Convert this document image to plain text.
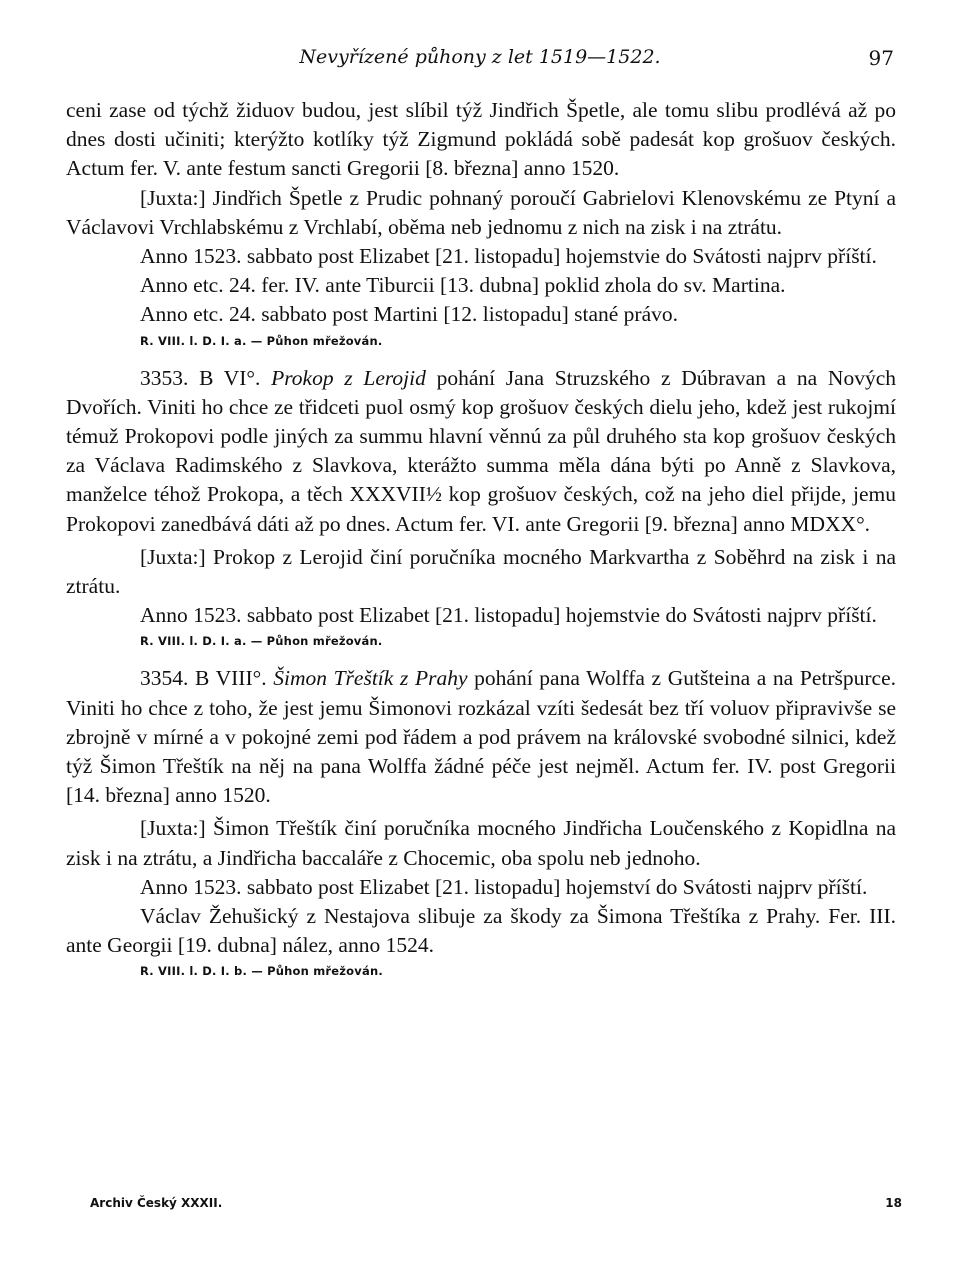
Nevyřízené půhony z let 1519—1522.	97

ceni zase od týchž židuov budou, jest slíbil týž Jindřich Špetle, ale tomu slibu prodlévá až po dnes dosti učiniti; kterýžto kotlíky týž Zigmund pokládá sobě padesát kop grošuov českých. Actum fer. V. ante festum sancti Gregorii [8. března] anno 1520.

[Juxta:] Jindřich Špetle z Prudic pohnaný poroučí Gabrielovi Klenovskému ze Ptyní a Václavovi Vrchlabskému z Vrchlabí, oběma neb jednomu z nich na zisk i na ztrátu.

Anno 1523. sabbato post Elizabet [21. listopadu] hojemstvie do Svátosti najprv příští.

Anno etc. 24. fer. IV. ante Tiburcii [13. dubna] poklid zhola do sv. Martina.

Anno etc. 24. sabbato post Martini [12. listopadu] stané právo.

R. VIII. l. D. I. a. — Půhon mřežován.

3353. B VI°. Prokop z Lerojid pohání Jana Struzského z Dúbravan a na Nových Dvořích. Viniti ho chce ze třidceti puol osmý kop grošuov českých dielu jeho, kdež jest rukojmí témuž Prokopovi podle jiných za summu hlavní věnnú za půl druhého sta kop grošuov českých za Václava Radimského z Slavkova, kterážto summa měla dána býti po Anně z Slavkova, manželce téhož Prokopa, a těch XXXVII½ kop grošuov českých, což na jeho diel přijde, jemu Prokopovi zanedbává dáti až po dnes. Actum fer. VI. ante Gregorii [9. března] anno MDXX°.

[Juxta:] Prokop z Lerojid činí poručníka mocného Markvartha z Soběhrd na zisk i na ztrátu.

Anno 1523. sabbato post Elizabet [21. listopadu] hojemstvie do Svátosti najprv příští.

R. VIII. l. D. I. a. — Půhon mřežován.

3354. B VIII°. Šimon Třeštík z Prahy pohání pana Wolffa z Gutšteina a na Petršpurce. Viniti ho chce z toho, že jest jemu Šimonovi rozkázal vzíti šedesát bez tří voluov připravivše se zbrojně v mírné a v pokojné zemi pod řádem a pod právem na královské svobodné silnici, kdež týž Šimon Třeštík na něj na pana Wolffa žádné péče jest nejměl. Actum fer. IV. post Gregorii [14. března] anno 1520.

[Juxta:] Šimon Třeštík činí poručníka mocného Jindřicha Loučenského z Kopidlna na zisk i na ztrátu, a Jindřicha baccaláře z Chocemic, oba spolu neb jednoho.

Anno 1523. sabbato post Elizabet [21. listopadu] hojemství do Svátosti najprv příští.

Václav Žehušický z Nestajova slibuje za škody za Šimona Třeštíka z Prahy. Fer. III. ante Georgii [19. dubna] nález, anno 1524.

R. VIII. l. D. I. b. — Půhon mřežován.

Archiv Český XXXII.	18
